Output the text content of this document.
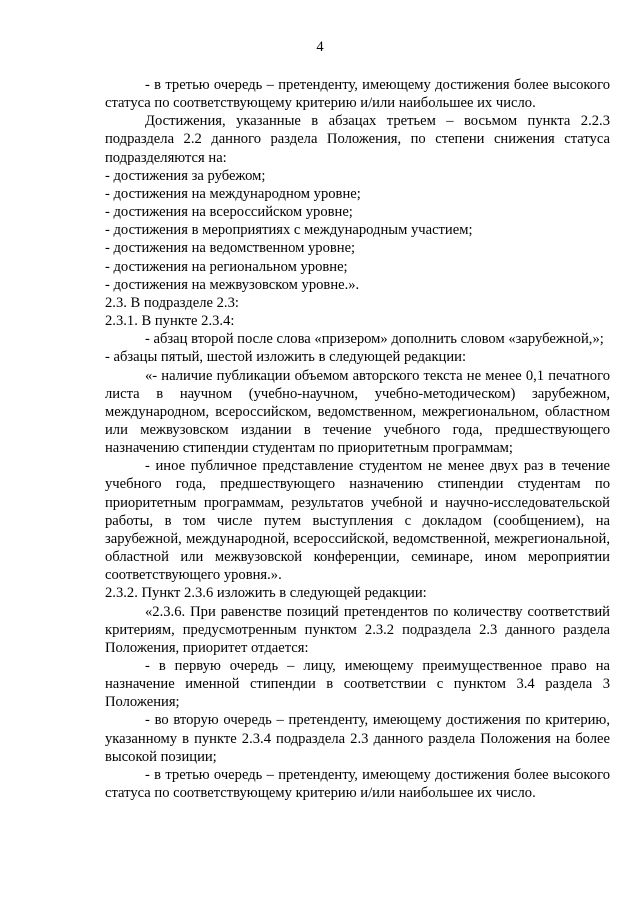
4

- в третью очередь – претенденту, имеющему достижения более высокого статуса по соответствующему критерию и/или наибольшее их число.

Достижения, указанные в абзацах третьем – восьмом пункта 2.2.3 подраздела 2.2 данного раздела Положения, по степени снижения статуса подразделяются на:

- достижения за рубежом;

- достижения на международном уровне;

- достижения на всероссийском уровне;

- достижения в мероприятиях с международным участием;

- достижения на ведомственном уровне;

- достижения на региональном уровне;

- достижения на межвузовском уровне.».

2.3. В подразделе 2.3:

2.3.1. В пункте 2.3.4:

- абзац второй после слова «призером» дополнить словом «зарубежной,»;

- абзацы пятый, шестой изложить в следующей редакции:

«- наличие публикации объемом авторского текста не менее 0,1 печатного листа в научном (учебно-научном, учебно-методическом) зарубежном, международном, всероссийском, ведомственном, межрегиональном, областном или межвузовском издании в течение учебного года, предшествующего назначению стипендии студентам по приоритетным программам;

- иное публичное представление студентом не менее двух раз в течение учебного года, предшествующего назначению стипендии студентам по приоритетным программам, результатов учебной и научно-исследовательской работы, в том числе путем выступления с докладом (сообщением), на зарубежной, международной, всероссийской, ведомственной, межрегиональной, областной или межвузовской конференции, семинаре, ином мероприятии соответствующего уровня.».

2.3.2. Пункт 2.3.6 изложить в следующей редакции:

«2.3.6. При равенстве позиций претендентов по количеству соответствий критериям, предусмотренным пунктом 2.3.2 подраздела 2.3 данного раздела Положения, приоритет отдается:

- в первую очередь – лицу, имеющему преимущественное право на назначение именной стипендии в соответствии с пунктом 3.4 раздела 3 Положения;

- во вторую очередь – претенденту, имеющему достижения по критерию, указанному в пункте 2.3.4 подраздела 2.3 данного раздела Положения на более высокой позиции;

- в третью очередь – претенденту, имеющему достижения более высокого статуса по соответствующему критерию и/или наибольшее их число.
